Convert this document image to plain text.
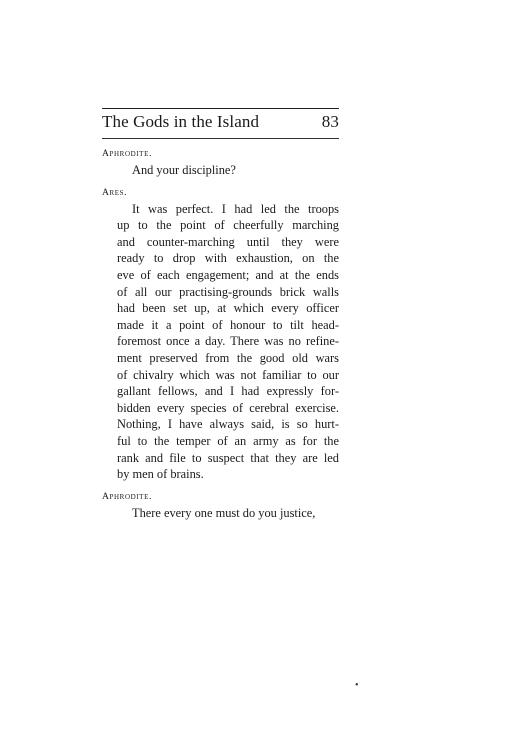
The Gods in the Island	83
Aphrodite.
And your discipline?
Ares.
It was perfect. I had led the troops
up to the point of cheerfully marching
and counter-marching until they were
ready to drop with exhaustion, on the
eve of each engagement; and at the ends
of all our practising-grounds brick walls
had been set up, at which every officer
made it a point of honour to tilt head-
foremost once a day. There was no refine-
ment preserved from the good old wars
of chivalry which was not familiar to our
gallant fellows, and I had expressly for-
bidden every species of cerebral exercise.
Nothing, I have always said, is so hurt-
ful to the temper of an army as for the
rank and file to suspect that they are led
by men of brains.
Aphrodite.
There every one must do you justice,
•
